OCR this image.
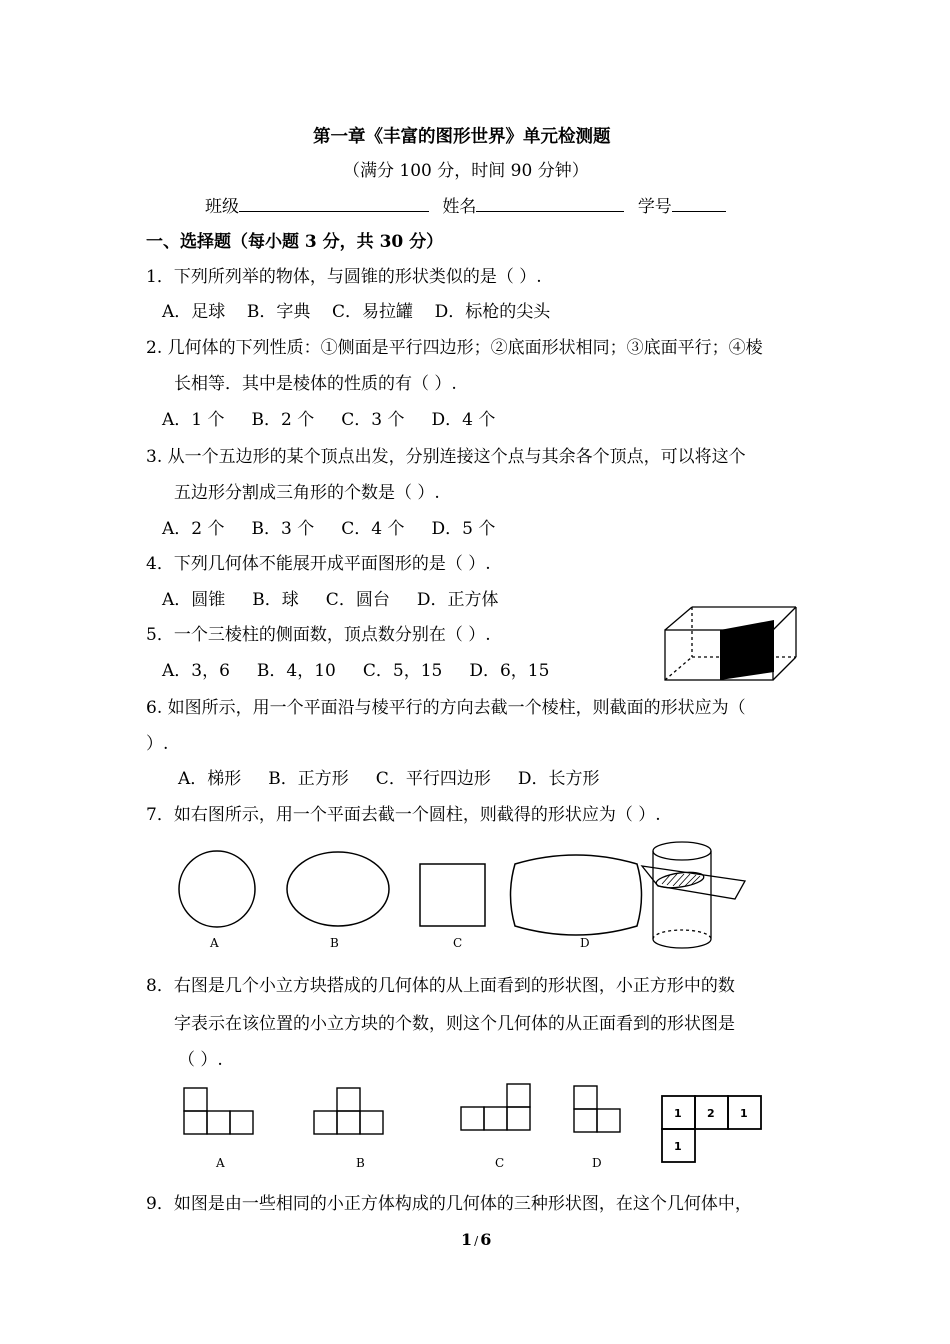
第一章《丰富的图形世界》单元检测题
（满分 100 分，时间 90 分钟）
班级	姓名	学号
一、选择题（每小题 3 分，共 30 分）
1．下列所列举的物体，与圆锥的形状类似的是（ ）.
A．足球    B．字典    C．易拉罐    D．标枪的尖头
2. 几何体的下列性质：①侧面是平行四边形；②底面形状相同；③底面平行；④棱
长相等．其中是棱体的性质的有（ ）.
A．1 个     B．2 个     C．3 个     D．4 个
3. 从一个五边形的某个顶点出发，分别连接这个点与其余各个顶点，可以将这个
五边形分割成三角形的个数是（ ）.
A．2 个     B．3 个     C．4 个     D．5 个
4．下列几何体不能展开成平面图形的是（ ）.
A．圆锥     B．球     C．圆台     D．正方体
5．一个三棱柱的侧面数，顶点数分别在（ ）.
A．3，6     B．4，10     C．5，15     D．6，15
6. 如图所示，用一个平面沿与棱平行的方向去截一个棱柱，则截面的形状应为（
）.
A．梯形     B．正方形     C．平行四边形     D．长方形
7．如右图所示，用一个平面去截一个圆柱，则截得的形状应为（ ）.
A	B	C	D
8．右图是几个小立方块搭成的几何体的从上面看到的形状图，小正方形中的数
字表示在该位置的小立方块的个数，则这个几何体的从正面看到的形状图是
（ ）.
1 2 1
1
A	B	C	D
9．如图是由一些相同的小正方体构成的几何体的三种形状图，在这个几何体中，
1 / 6
